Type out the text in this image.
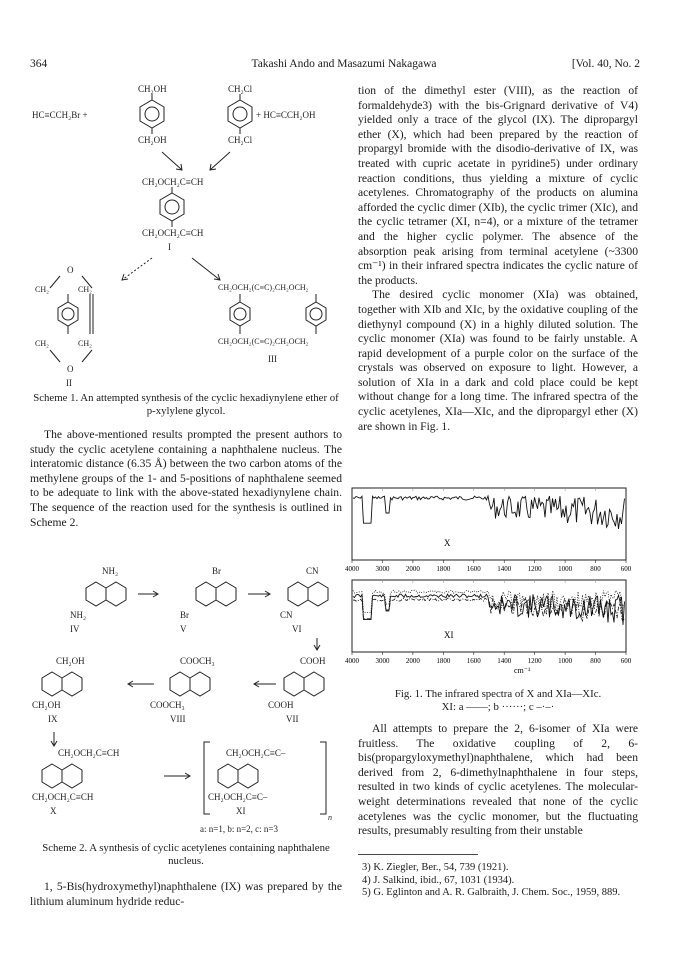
364	Takashi Ando and Masazumi Nakagawa	[Vol. 40, No. 2
HC≡CCH₂Br +	+ HC≡CCH₂OH
CH₂OH
CH₂OH
CH₂Cl
CH₂Cl
CH₂OCH₂C≡CH
CH₂OCH₂C≡CH
I
O
CH₂	CH₂
CH₂	CH₂
O
II
CH₂OCH₂(C≡C)₂CH₂OCH₂
CH₂OCH₂(C≡C)₂CH₂OCH₂
III
Scheme 1. An attempted synthesis of the cyclic hexadiynylene ether of p-xylylene glycol.

The above-mentioned results prompted the present authors to study the cyclic acetylene containing a naphthalene nucleus. The interatomic distance (6.35 Å) between the two carbon atoms of the methylene groups of the 1- and 5-positions of naphthalene seemed to be adequate to link with the above-stated hexadiynylene chain. The sequence of the reaction used for the synthesis is outlined in Scheme 2.

NH₂
NH₂
IV
Br
Br
V
CN
CN
VI
COOH
COOH
VII
COOCH₃
COOCH₃
VIII
CH₂OH
CH₂OH
IX
CH₂OCH₂C≡CH
CH₂OCH₂C≡CH
X
CH₂OCH₂C≡C–
CH₂OCH₂C≡C–
XI
n
a: n=1, b: n=2, c: n=3
Scheme 2. A synthesis of cyclic acetylenes containing naphthalene nucleus.

1, 5-Bis(hydroxymethyl)naphthalene (IX) was prepared by the lithium aluminum hydride reduc-

tion of the dimethyl ester (VIII), as the reaction of formaldehyde3) with the bis-Grignard derivative of V4) yielded only a trace of the glycol (IX). The dipropargyl ether (X), which had been prepared by the reaction of propargyl bromide with the disodio-derivative of IX, was treated with cupric acetate in pyridine5) under ordinary reaction conditions, thus yielding a mixture of cyclic acetylenes. Chromatography of the products on alumina afforded the cyclic dimer (XIb), the cyclic trimer (XIc), and the cyclic tetramer (XI, n=4), or a mixture of the tetramer and the higher cyclic polymer. The absence of the absorption peak arising from terminal acetylene (~3300 cm⁻¹) in their infrared spectra indicates the cyclic nature of the products.

The desired cyclic monomer (XIa) was obtained, together with XIb and XIc, by the oxidative coupling of the diethynyl compound (X) in a highly diluted solution. The cyclic monomer (XIa) was found to be fairly unstable. A rapid development of a purple color on the surface of the crystals was observed on exposure to light. However, a solution of XIa in a dark and cold place could be kept without change for a long time. The infrared spectra of the cyclic acetylenes, XIa—XIc, and the dipropargyl ether (X) are shown in Fig. 1.

X
XI
4000 3000 2000 1800 1600 1400 1200 1000	800	600
4000 3000 2000 1800 1600 1400 1200 1000	800	600
cm⁻¹
Fig. 1. The infrared spectra of X and XIa—XIc.
XI: a ——; b ······; c –·–·

All attempts to prepare the 2, 6-isomer of XIa were fruitless. The oxidative coupling of 2, 6-bis(propargyloxymethyl)naphthalene, which had been derived from 2, 6-dimethylnaphthalene in four steps, resulted in two kinds of cyclic acetylenes. The molecular-weight determinations revealed that none of the cyclic acetylenes was the cyclic monomer, but the fluctuating results, presumably resulting from their unstable

3) K. Ziegler, Ber., 54, 739 (1921).
4) J. Salkind, ibid., 67, 1031 (1934).
5) G. Eglinton and A. R. Galbraith, J. Chem. Soc., 1959, 889.
